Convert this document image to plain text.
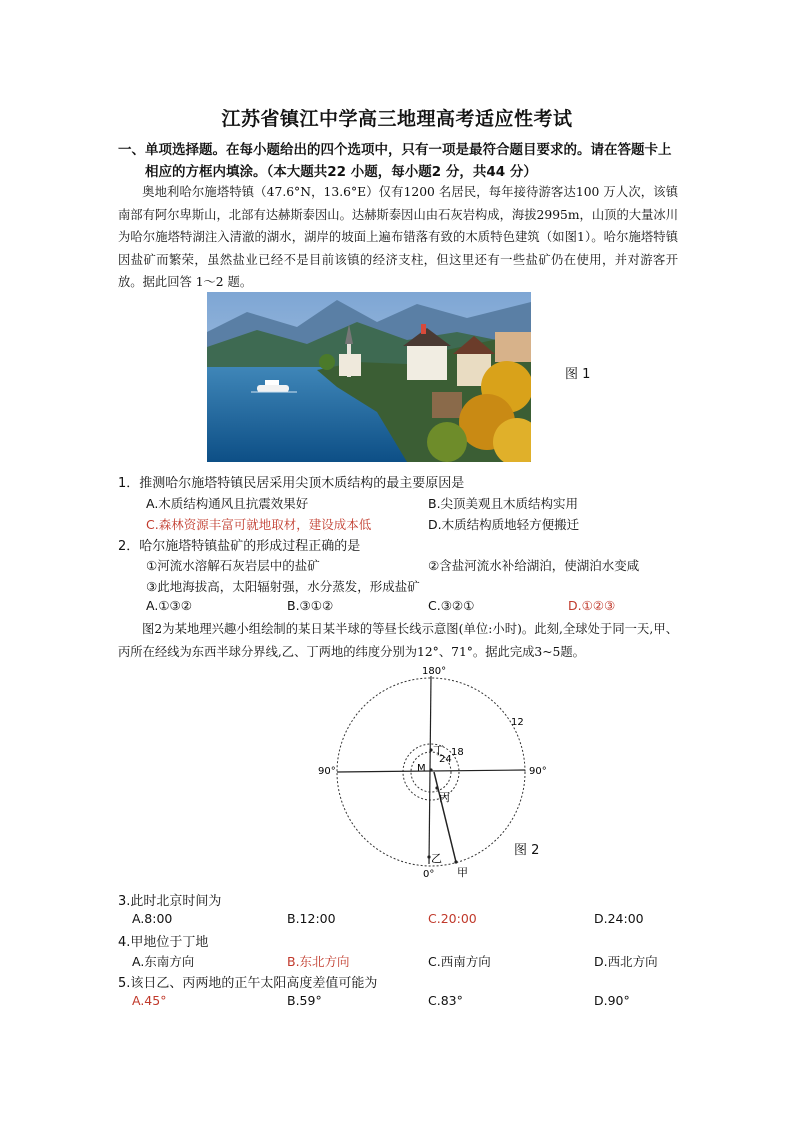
江苏省镇江中学高三地理高考适应性考试
一、 单项选择题。在每小题给出的四个选项中，只有一项是最符合题目要求的。请在答题卡上相应的方框内填涂。（本大题共22 小题，每小题2 分，共44 分）
奥地利哈尔施塔特镇（47.6°N，13.6°E）仅有1200 名居民，每年接待游客达100 万人次，该镇南部有阿尔卑斯山，北部有达赫斯泰因山。达赫斯泰因山由石灰岩构成，海拔2995m，山顶的大量冰川为哈尔施塔特湖注入清澈的湖水，湖岸的坡面上遍布错落有致的木质特色建筑（如图1）。哈尔施塔特镇因盐矿而繁荣，虽然盐业已经不是目前该镇的经济支柱，但这里还有一些盐矿仍在使用，并对游客开放。据此回答 1～2 题。
图 1
1．推测哈尔施塔特镇民居采用尖顶木质结构的最主要原因是
A.木质结构通风且抗震效果好	B.尖顶美观且木质结构实用
C.森林资源丰富可就地取材，建设成本低	D.木质结构质地轻方便搬迁
2．哈尔施塔特镇盐矿的形成过程正确的是
①河流水溶解石灰岩层中的盐矿	②含盐河流水补给湖泊，使湖泊水变咸
③此地海拔高，太阳辐射强，水分蒸发，形成盐矿
A.①③②	B.③①②	C.③②①	D.①②③
图2为某地理兴趣小组绘制的某日某半球的等昼长线示意图(单位:小时)。此刻,全球处于同一天,甲、丙所在经线为东西半球分界线,乙、丁两地的纬度分别为12°、71°。据此完成3~5题。
180°
90°	90°
0°
12
18
24
丁
M
丙
乙
甲
图 2
3.此时北京时间为
A.8:00	B.12:00	C.20:00	D.24:00
4.甲地位于丁地
A.东南方向	B.东北方向	C.西南方向	D.西北方向
5.该日乙、丙两地的正午太阳高度差值可能为
A.45°	B.59°	C.83°	D.90°
